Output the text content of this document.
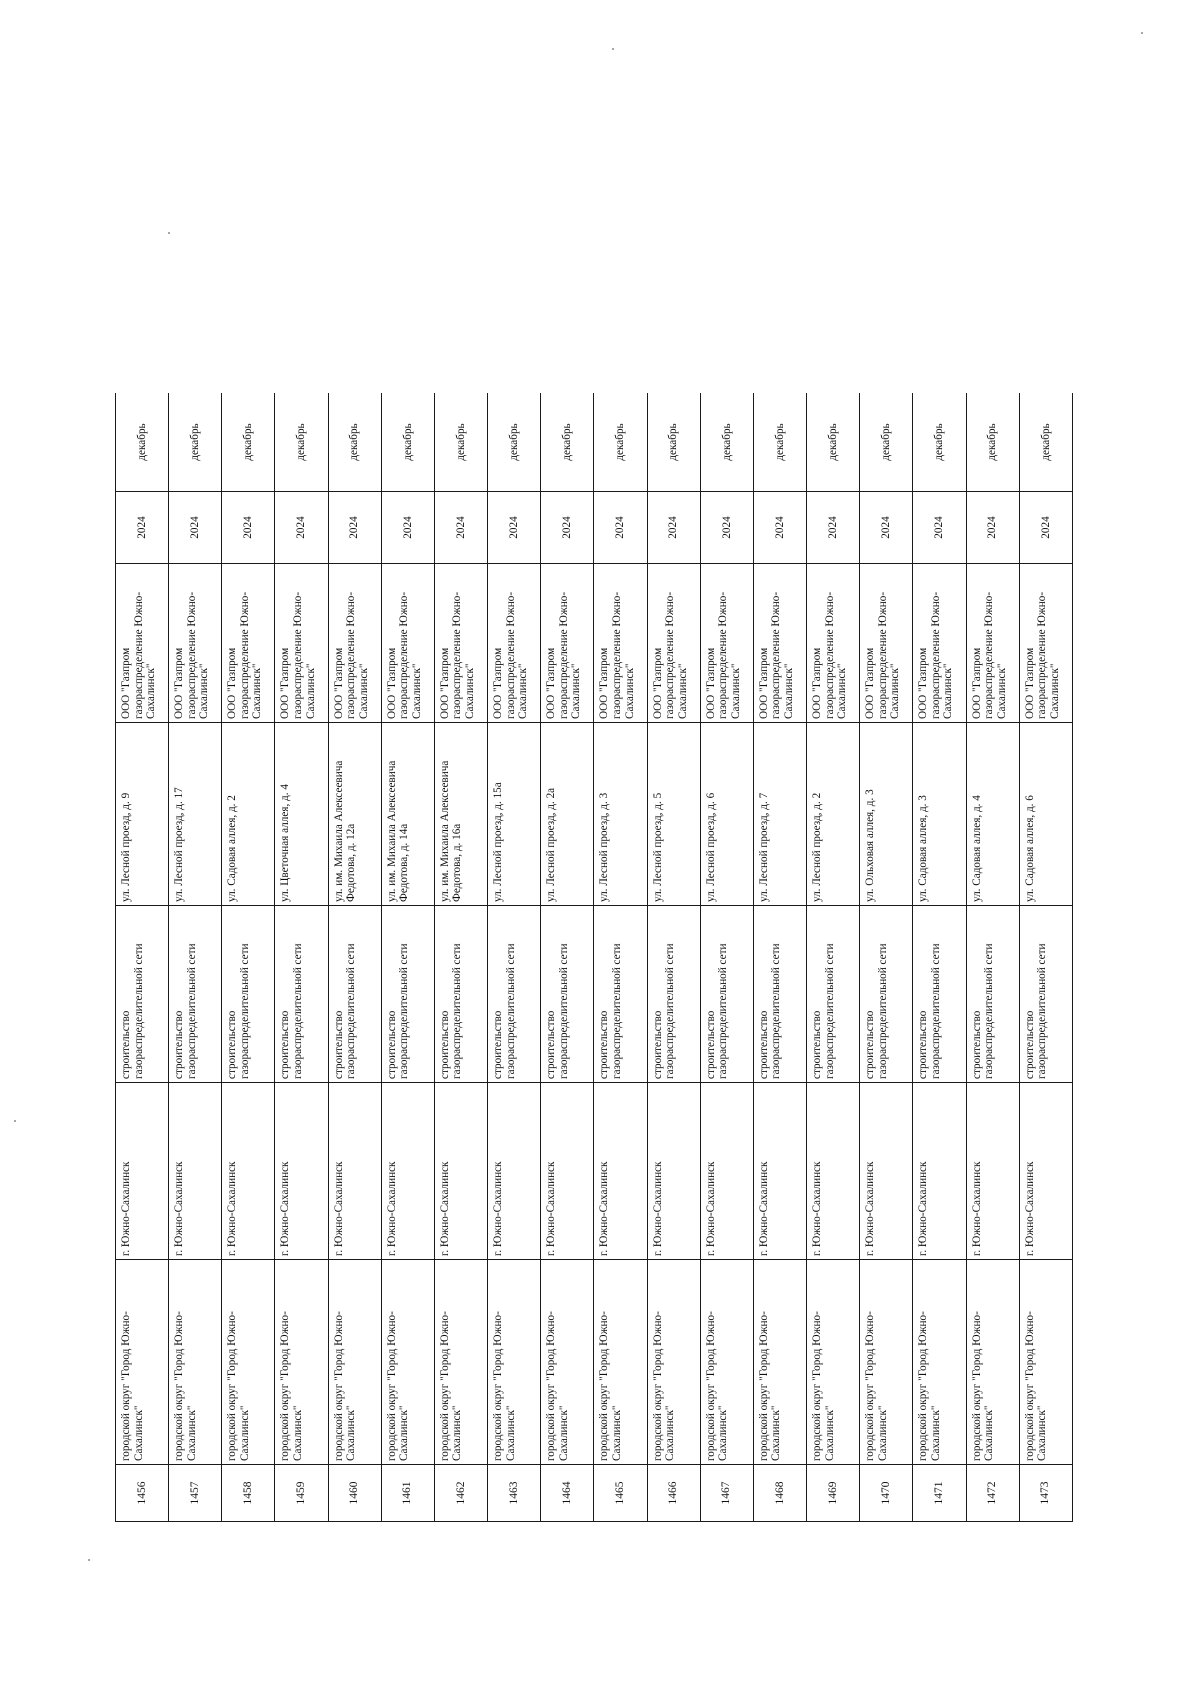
1456	городской округ "Город Южно-Сахалинск"	г. Южно-Сахалинск	строительство газораспределительной сети	ул. Лесной проезд, д. 9	ООО "Газпром газораспределение Южно-Сахалинск"	2024	декабрь
1457	городской округ "Город Южно-Сахалинск"	г. Южно-Сахалинск	строительство газораспределительной сети	ул. Лесной проезд, д. 17	ООО "Газпром газораспределение Южно-Сахалинск"	2024	декабрь
1458	городской округ "Город Южно-Сахалинск"	г. Южно-Сахалинск	строительство газораспределительной сети	ул. Садовая аллея, д. 2	ООО "Газпром газораспределение Южно-Сахалинск"	2024	декабрь
1459	городской округ "Город Южно-Сахалинск"	г. Южно-Сахалинск	строительство газораспределительной сети	ул. Цветочная аллея, д. 4	ООО "Газпром газораспределение Южно-Сахалинск"	2024	декабрь
1460	городской округ "Город Южно-Сахалинск"	г. Южно-Сахалинск	строительство газораспределительной сети	ул. им. Михаила Алексеевича Федотова, д. 12а	ООО "Газпром газораспределение Южно-Сахалинск"	2024	декабрь
1461	городской округ "Город Южно-Сахалинск"	г. Южно-Сахалинск	строительство газораспределительной сети	ул. им. Михаила Алексеевича Федотова, д. 14а	ООО "Газпром газораспределение Южно-Сахалинск"	2024	декабрь
1462	городской округ "Город Южно-Сахалинск"	г. Южно-Сахалинск	строительство газораспределительной сети	ул. им. Михаила Алексеевича Федотова, д. 16а	ООО "Газпром газораспределение Южно-Сахалинск"	2024	декабрь
1463	городской округ "Город Южно-Сахалинск"	г. Южно-Сахалинск	строительство газораспределительной сети	ул. Лесной проезд, д. 15а	ООО "Газпром газораспределение Южно-Сахалинск"	2024	декабрь
1464	городской округ "Город Южно-Сахалинск"	г. Южно-Сахалинск	строительство газораспределительной сети	ул. Лесной проезд, д. 2а	ООО "Газпром газораспределение Южно-Сахалинск"	2024	декабрь
1465	городской округ "Город Южно-Сахалинск"	г. Южно-Сахалинск	строительство газораспределительной сети	ул. Лесной проезд, д. 3	ООО "Газпром газораспределение Южно-Сахалинск"	2024	декабрь
1466	городской округ "Город Южно-Сахалинск"	г. Южно-Сахалинск	строительство газораспределительной сети	ул. Лесной проезд, д. 5	ООО "Газпром газораспределение Южно-Сахалинск"	2024	декабрь
1467	городской округ "Город Южно-Сахалинск"	г. Южно-Сахалинск	строительство газораспределительной сети	ул. Лесной проезд, д. 6	ООО "Газпром газораспределение Южно-Сахалинск"	2024	декабрь
1468	городской округ "Город Южно-Сахалинск"	г. Южно-Сахалинск	строительство газораспределительной сети	ул. Лесной проезд, д. 7	ООО "Газпром газораспределение Южно-Сахалинск"	2024	декабрь
1469	городской округ "Город Южно-Сахалинск"	г. Южно-Сахалинск	строительство газораспределительной сети	ул. Лесной проезд, д. 2	ООО "Газпром газораспределение Южно-Сахалинск"	2024	декабрь
1470	городской округ "Город Южно-Сахалинск"	г. Южно-Сахалинск	строительство газораспределительной сети	ул. Ольховая аллея, д. 3	ООО "Газпром газораспределение Южно-Сахалинск"	2024	декабрь
1471	городской округ "Город Южно-Сахалинск"	г. Южно-Сахалинск	строительство газораспределительной сети	ул. Садовая аллея, д. 3	ООО "Газпром газораспределение Южно-Сахалинск"	2024	декабрь
1472	городской округ "Город Южно-Сахалинск"	г. Южно-Сахалинск	строительство газораспределительной сети	ул. Садовая аллея, д. 4	ООО "Газпром газораспределение Южно-Сахалинск"	2024	декабрь
1473	городской округ "Город Южно-Сахалинск"	г. Южно-Сахалинск	строительство газораспределительной сети	ул. Садовая аллея, д. 6	ООО "Газпром газораспределение Южно-Сахалинск"	2024	декабрь
